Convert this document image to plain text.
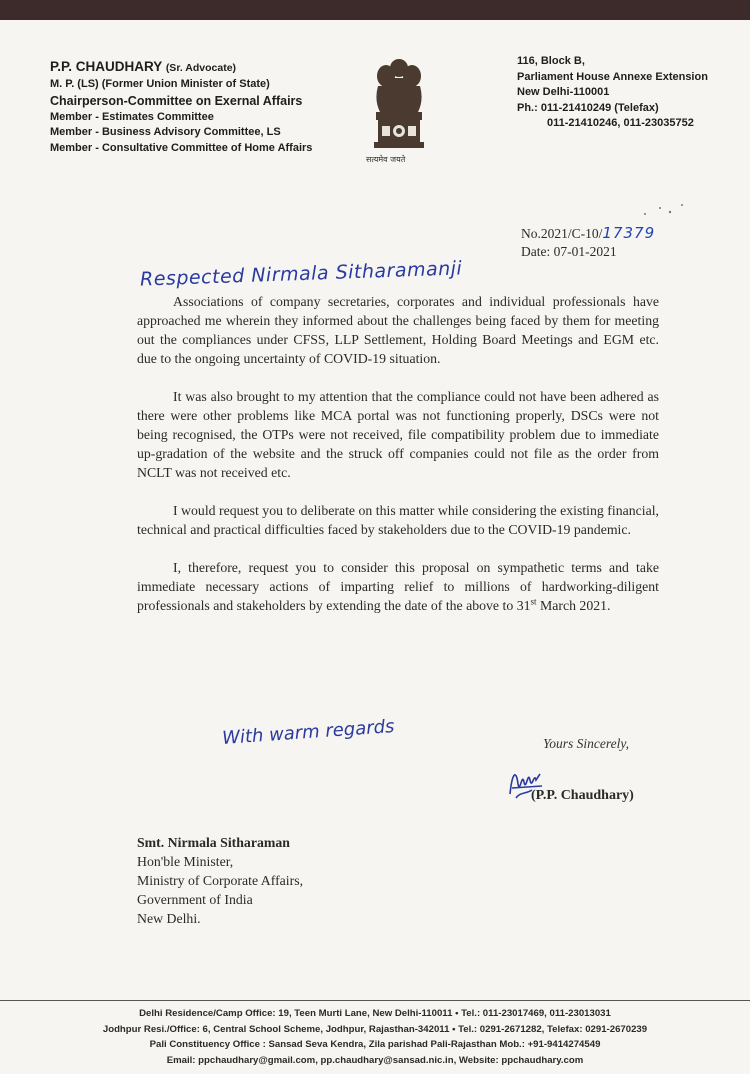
P.P. CHAUDHARY (Sr. Advocate)
M. P. (LS) (Former Union Minister of State)
Chairperson-Committee on Exernal Affairs
Member - Estimates Committee
Member - Business Advisory Committee, LS
Member - Consultative Committee of Home Affairs
सत्यमेव जयते
116, Block B,
Parliament House Annexe Extension
New Delhi-110001
Ph.: 011-21410249 (Telefax)
011-21410246, 011-23035752
No.2021/C-10/17379
Date: 07-01-2021
Respected Nirmala Sitharamanji

Associations of company secretaries, corporates and individual professionals have approached me wherein they informed about the challenges being faced by them for meeting out the compliances under CFSS, LLP Settlement, Holding Board Meetings and EGM etc. due to the ongoing uncertainty of COVID-19 situation.

It was also brought to my attention that the compliance could not have been adhered as there were other problems like MCA portal was not functioning properly, DSCs were not being recognised, the OTPs were not received, file compatibility problem due to immediate up-gradation of the website and the struck off companies could not file as the order from NCLT was not received etc.

I would request you to deliberate on this matter while considering the existing financial, technical and practical difficulties faced by stakeholders due to the COVID-19 pandemic.

I, therefore, request you to consider this proposal on sympathetic terms and take immediate necessary actions of imparting relief to millions of hardworking-diligent professionals and stakeholders by extending the date of the above to 31st March 2021.

With warm regards	Yours Sincerely,
(P.P. Chaudhary)
Smt. Nirmala Sitharaman
Hon'ble Minister,
Ministry of Corporate Affairs,
Government of India
New Delhi.
Delhi Residence/Camp Office: 19, Teen Murti Lane, New Delhi-110011 • Tel.: 011-23017469, 011-23013031
Jodhpur Resi./Office: 6, Central School Scheme, Jodhpur, Rajasthan-342011 • Tel.: 0291-2671282, Telefax: 0291-2670239
Pali Constituency Office : Sansad Seva Kendra, Zila parishad Pali-Rajasthan Mob.: +91-9414274549
Email: ppchaudhary@gmail.com, pp.chaudhary@sansad.nic.in, Website: ppchaudhary.com
